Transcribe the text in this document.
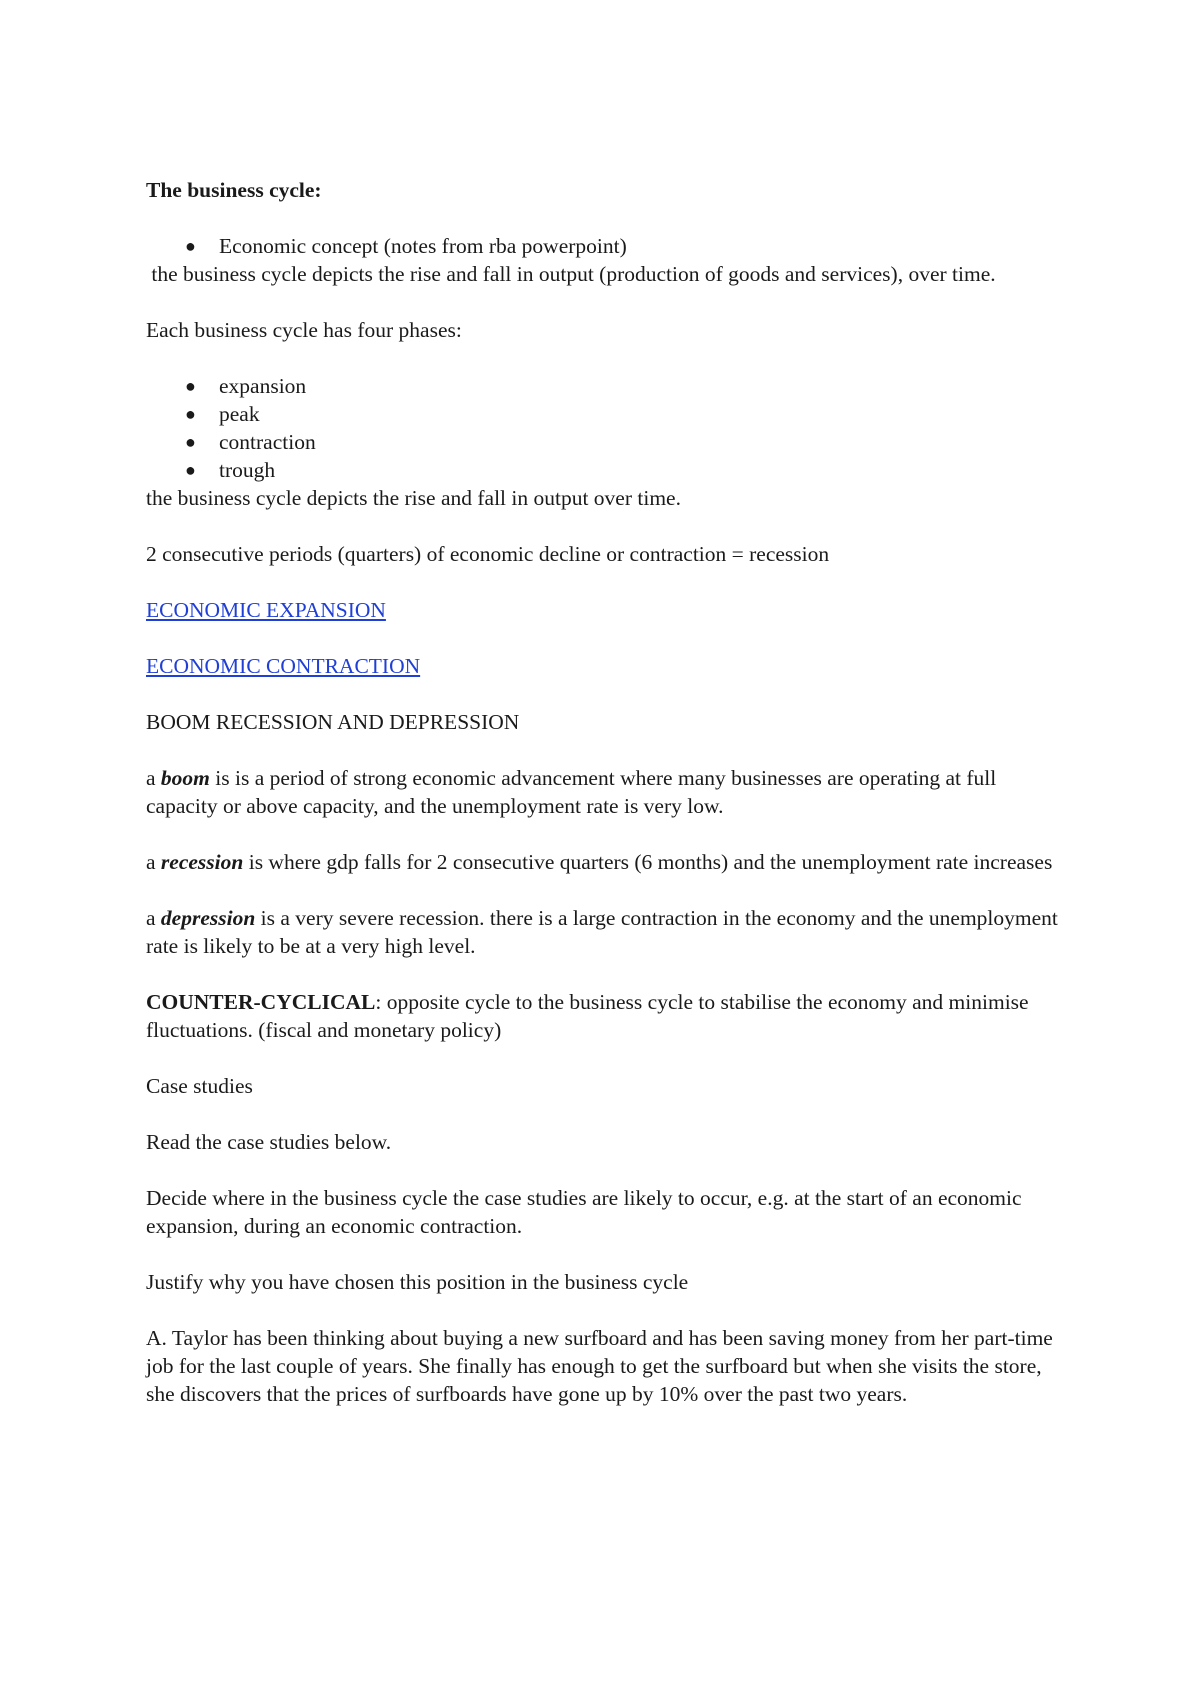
The business cycle:

● Economic concept (notes from rba powerpoint)

the business cycle depicts the rise and fall in output (production of goods and services), over time.

Each business cycle has four phases:

● expansion
● peak
● contraction
● trough

the business cycle depicts the rise and fall in output over time.

2 consecutive periods (quarters) of economic decline or contraction = recession

ECONOMIC EXPANSION

ECONOMIC CONTRACTION

BOOM RECESSION AND DEPRESSION

a boom is is a period of strong economic advancement where many businesses are operating at full capacity or above capacity, and the unemployment rate is very low.

a recession is where gdp falls for 2 consecutive quarters (6 months) and the unemployment rate increases

a depression is a very severe recession. there is a large contraction in the economy and the unemployment rate is likely to be at a very high level.

COUNTER-CYCLICAL: opposite cycle to the business cycle to stabilise the economy and minimise fluctuations. (fiscal and monetary policy)

Case studies

Read the case studies below.

Decide where in the business cycle the case studies are likely to occur, e.g. at the start of an economic expansion, during an economic contraction.

Justify why you have chosen this position in the business cycle

A. Taylor has been thinking about buying a new surfboard and has been saving money from her part-time job for the last couple of years. She finally has enough to get the surfboard but when she visits the store, she discovers that the prices of surfboards have gone up by 10% over the past two years.
